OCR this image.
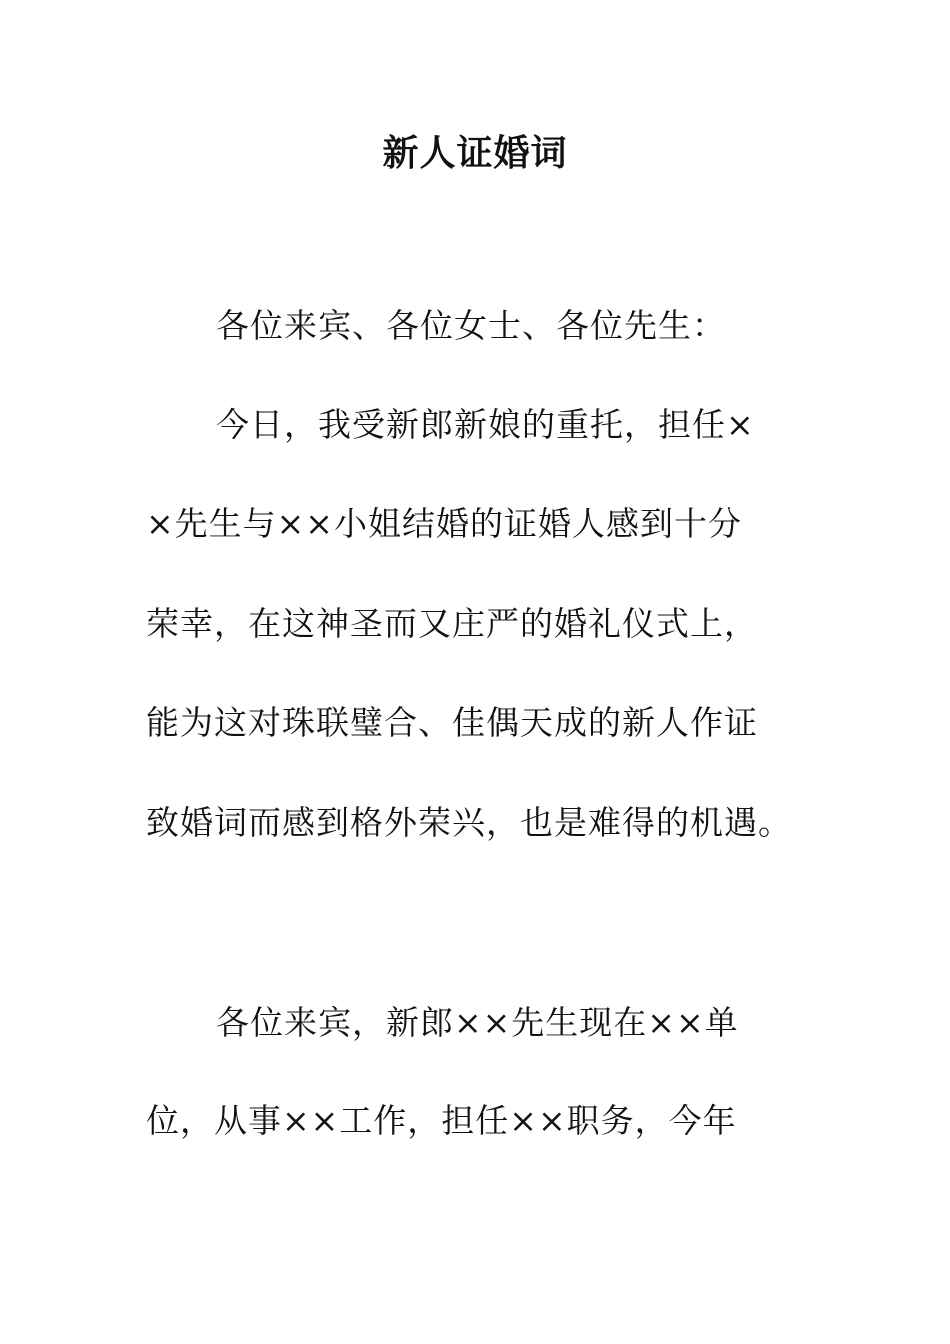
新人证婚词
各位来宾、各位女士、各位先生：
今日，我受新郎新娘的重托，担任×
×先生与××小姐结婚的证婚人感到十分
荣幸，在这神圣而又庄严的婚礼仪式上，
能为这对珠联璧合、佳偶天成的新人作证
致婚词而感到格外荣兴，也是难得的机遇。
各位来宾，新郎××先生现在××单
位，从事××工作，担任××职务，今年
